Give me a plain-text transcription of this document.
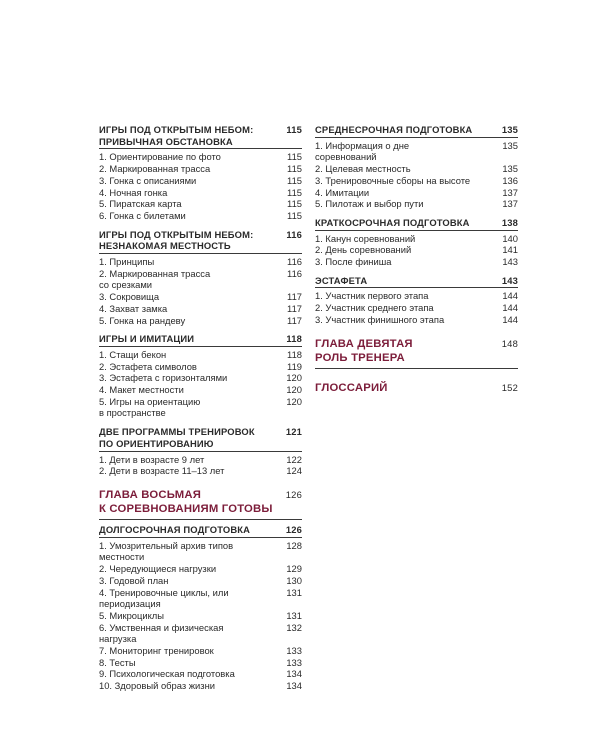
ИГРЫ ПОД ОТКРЫТЫМ НЕБОМ:
ПРИВЫЧНАЯ ОБСТАНОВКА
115
1. Ориентирование по фото	115
2. Маркированная трасса	115
3. Гонка с описаниями	115
4. Ночная гонка	115
5. Пиратская карта	115
6. Гонка с билетами	115
ИГРЫ ПОД ОТКРЫТЫМ НЕБОМ:
НЕЗНАКОМАЯ МЕСТНОСТЬ
116
1. Принципы	116
2. Маркированная трасса
со срезками
116
3. Сокровища	117
4. Захват замка	117
5. Гонка на рандеву	117
ИГРЫ И ИМИТАЦИИ	118
1. Стащи бекон	118
2. Эстафета символов	119
3. Эстафета с горизонталями	120
4. Макет местности	120
5. Игры на ориентацию
в пространстве
120
ДВЕ ПРОГРАММЫ ТРЕНИРОВОК
ПО ОРИЕНТИРОВАНИЮ
121
1. Дети в возрасте 9 лет	122
2. Дети в возрасте 11–13 лет	124
ГЛАВА ВОСЬМАЯ
К СОРЕВНОВАНИЯМ ГОТОВЫ
126
ДОЛГОСРОЧНАЯ ПОДГОТОВКА	126
1. Умозрительный архив типов
местности
128
2. Чередующиеся нагрузки	129
3. Годовой план	130
4. Тренировочные циклы, или
периодизация
131
5. Микроциклы	131
6. Умственная и физическая
нагрузка
132
7. Мониторинг тренировок	133
8. Тесты	133
9. Психологическая подготовка	134
10. Здоровый образ жизни	134
СРЕДНЕСРОЧНАЯ ПОДГОТОВКА	135
1. Информация о дне
соревнований
135
2. Целевая местность	135
3. Тренировочные сборы на высоте	136
4. Имитации	137
5. Пилотаж и выбор пути	137
КРАТКОСРОЧНАЯ ПОДГОТОВКА	138
1. Канун соревнований	140
2. День соревнований	141
3. После финиша	143
ЭСТАФЕТА	143
1. Участник первого этапа	144
2. Участник среднего этапа	144
3. Участник финишного этапа	144
ГЛАВА ДЕВЯТАЯ
РОЛЬ ТРЕНЕРА
148
ГЛОССАРИЙ	152
